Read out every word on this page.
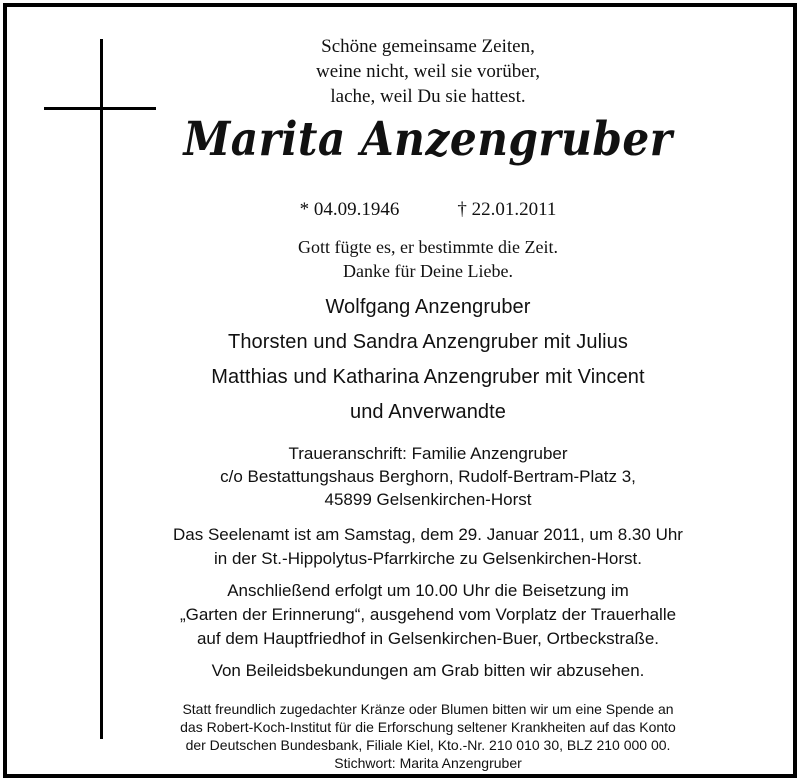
Schöne gemeinsame Zeiten,
weine nicht, weil sie vorüber,
lache, weil Du sie hattest.
Marita Anzengruber
* 04.09.1946	† 22.01.2011
Gott fügte es, er bestimmte die Zeit.
Danke für Deine Liebe.
Wolfgang Anzengruber
Thorsten und Sandra Anzengruber mit Julius
Matthias und Katharina Anzengruber mit Vincent
und Anverwandte
Traueranschrift: Familie Anzengruber
c/o Bestattungshaus Berghorn, Rudolf-Bertram-Platz 3,
45899 Gelsenkirchen-Horst
Das Seelenamt ist am Samstag, dem 29. Januar 2011, um 8.30 Uhr
in der St.-Hippolytus-Pfarrkirche zu Gelsenkirchen-Horst.
Anschließend erfolgt um 10.00 Uhr die Beisetzung im
„Garten der Erinnerung“, ausgehend vom Vorplatz der Trauerhalle
auf dem Hauptfriedhof in Gelsenkirchen-Buer, Ortbeckstraße.

Von Beileidsbekundungen am Grab bitten wir abzusehen.

Statt freundlich zugedachter Kränze oder Blumen bitten wir um eine Spende an
das Robert-Koch-Institut für die Erforschung seltener Krankheiten auf das Konto
der Deutschen Bundesbank, Filiale Kiel, Kto.-Nr. 210 010 30, BLZ 210 000 00.
Stichwort: Marita Anzengruber
